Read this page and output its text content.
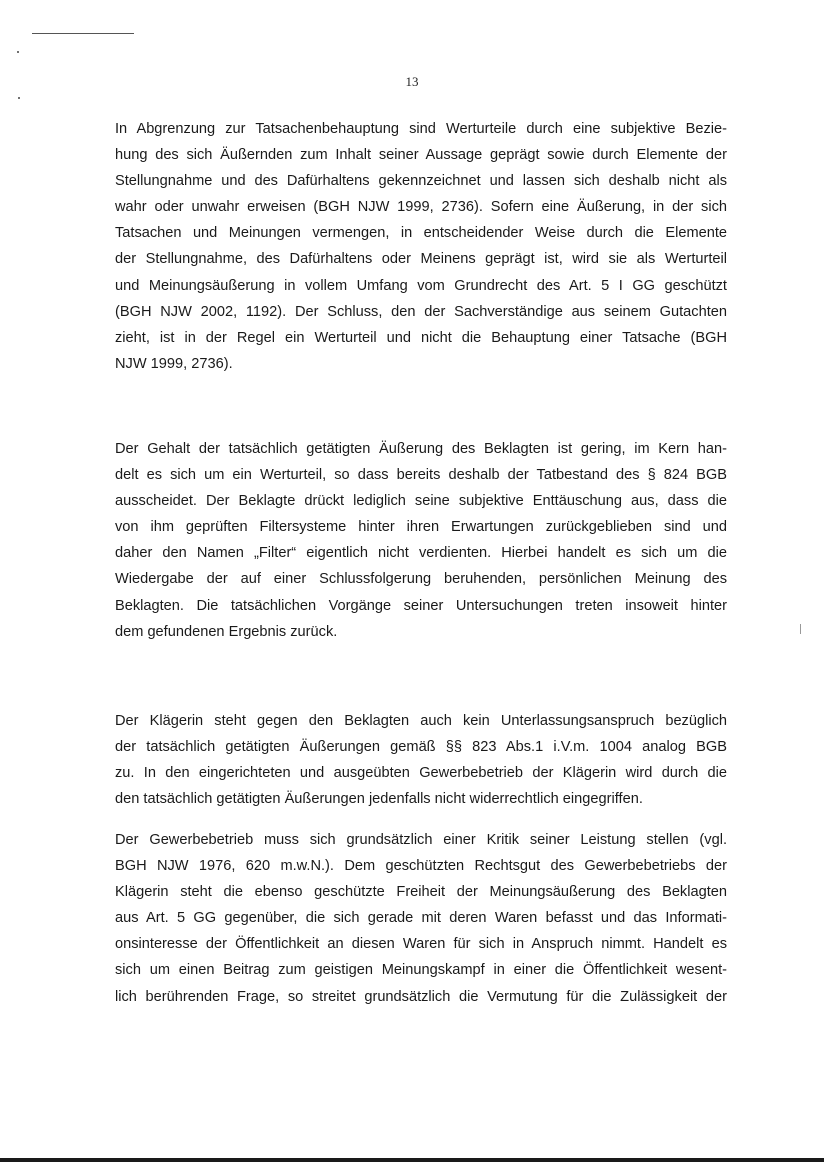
13
In Abgrenzung zur Tatsachenbehauptung sind Werturteile durch eine subjektive Bezie-
hung des sich Äußernden zum Inhalt seiner Aussage geprägt sowie durch Elemente der
Stellungnahme und des Dafürhaltens gekennzeichnet und lassen sich deshalb nicht als
wahr oder unwahr erweisen (BGH NJW 1999, 2736). Sofern eine Äußerung, in der sich
Tatsachen und Meinungen vermengen, in entscheidender Weise durch die Elemente
der Stellungnahme, des Dafürhaltens oder Meinens geprägt ist, wird sie als Werturteil
und Meinungsäußerung in vollem Umfang vom Grundrecht des Art. 5 I GG geschützt
(BGH NJW 2002, 1192). Der Schluss, den der Sachverständige aus seinem Gutachten
zieht, ist in der Regel ein Werturteil und nicht die Behauptung einer Tatsache (BGH
NJW 1999, 2736).
Der Gehalt der tatsächlich getätigten Äußerung des Beklagten ist gering, im Kern han-
delt es sich um ein Werturteil, so dass bereits deshalb der Tatbestand des § 824 BGB
ausscheidet. Der Beklagte drückt lediglich seine subjektive Enttäuschung aus, dass die
von ihm geprüften Filtersysteme hinter ihren Erwartungen zurückgeblieben sind und
daher den Namen „Filter“ eigentlich nicht verdienten. Hierbei handelt es sich um die
Wiedergabe der auf einer Schlussfolgerung beruhenden, persönlichen Meinung des
Beklagten. Die tatsächlichen Vorgänge seiner Untersuchungen treten insoweit hinter
dem gefundenen Ergebnis zurück.
Der Klägerin steht gegen den Beklagten auch kein Unterlassungsanspruch bezüglich
der tatsächlich getätigten Äußerungen gemäß §§ 823 Abs.1 i.V.m. 1004 analog BGB
zu. In den eingerichteten und ausgeübten Gewerbebetrieb der Klägerin wird durch die
den tatsächlich getätigten Äußerungen jedenfalls nicht widerrechtlich eingegriffen.
Der Gewerbebetrieb muss sich grundsätzlich einer Kritik seiner Leistung stellen (vgl.
BGH NJW 1976, 620 m.w.N.). Dem geschützten Rechtsgut des Gewerbebetriebs der
Klägerin steht die ebenso geschützte Freiheit der Meinungsäußerung des Beklagten
aus Art. 5 GG gegenüber, die sich gerade mit deren Waren befasst und das Informati-
onsinteresse der Öffentlichkeit an diesen Waren für sich in Anspruch nimmt. Handelt es
sich um einen Beitrag zum geistigen Meinungskampf in einer die Öffentlichkeit wesent-
lich berührenden Frage, so streitet grundsätzlich die Vermutung für die Zulässigkeit der
